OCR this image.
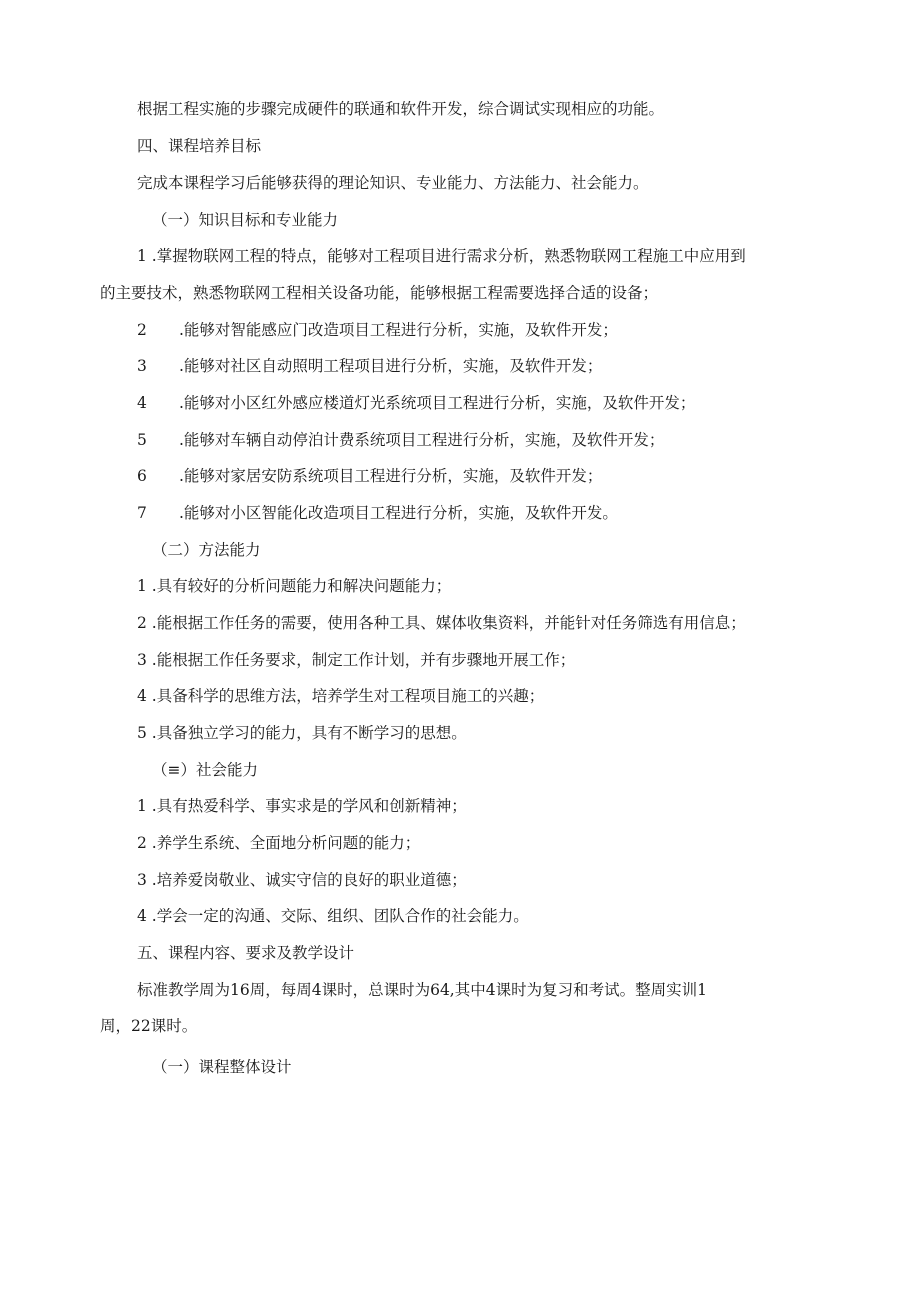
根据工程实施的步骤完成硬件的联通和软件开发，综合调试实现相应的功能。
四、课程培养目标
完成本课程学习后能够获得的理论知识、专业能力、方法能力、社会能力。
（一）知识目标和专业能力
1 .掌握物联网工程的特点，能够对工程项目进行需求分析，熟悉物联网工程施工中应用到
的主要技术，熟悉物联网工程相关设备功能，能够根据工程需要选择合适的设备；
2 .能够对智能感应门改造项目工程进行分析，实施，及软件开发；
3 .能够对社区自动照明工程项目进行分析，实施，及软件开发；
4 .能够对小区红外感应楼道灯光系统项目工程进行分析，实施，及软件开发；
5 .能够对车辆自动停泊计费系统项目工程进行分析，实施，及软件开发；
6 .能够对家居安防系统项目工程进行分析，实施，及软件开发；
7 .能够对小区智能化改造项目工程进行分析，实施，及软件开发。
（二）方法能力
1 .具有较好的分析问题能力和解决问题能力；
2 .能根据工作任务的需要，使用各种工具、媒体收集资料，并能针对任务筛选有用信息；
3 .能根据工作任务要求，制定工作计划，并有步骤地开展工作；
4 .具备科学的思维方法，培养学生对工程项目施工的兴趣；
5 .具备独立学习的能力，具有不断学习的思想。
（≡）社会能力
1 .具有热爱科学、事实求是的学风和创新精神；
2 .养学生系统、全面地分析问题的能力；
3 .培养爱岗敬业、诚实守信的良好的职业道德；
4 .学会一定的沟通、交际、组织、团队合作的社会能力。
五、课程内容、要求及教学设计
标准教学周为16周，每周4课时，总课时为64,其中4课时为复习和考试。整周实训1
周，22课时。
（一）课程整体设计
